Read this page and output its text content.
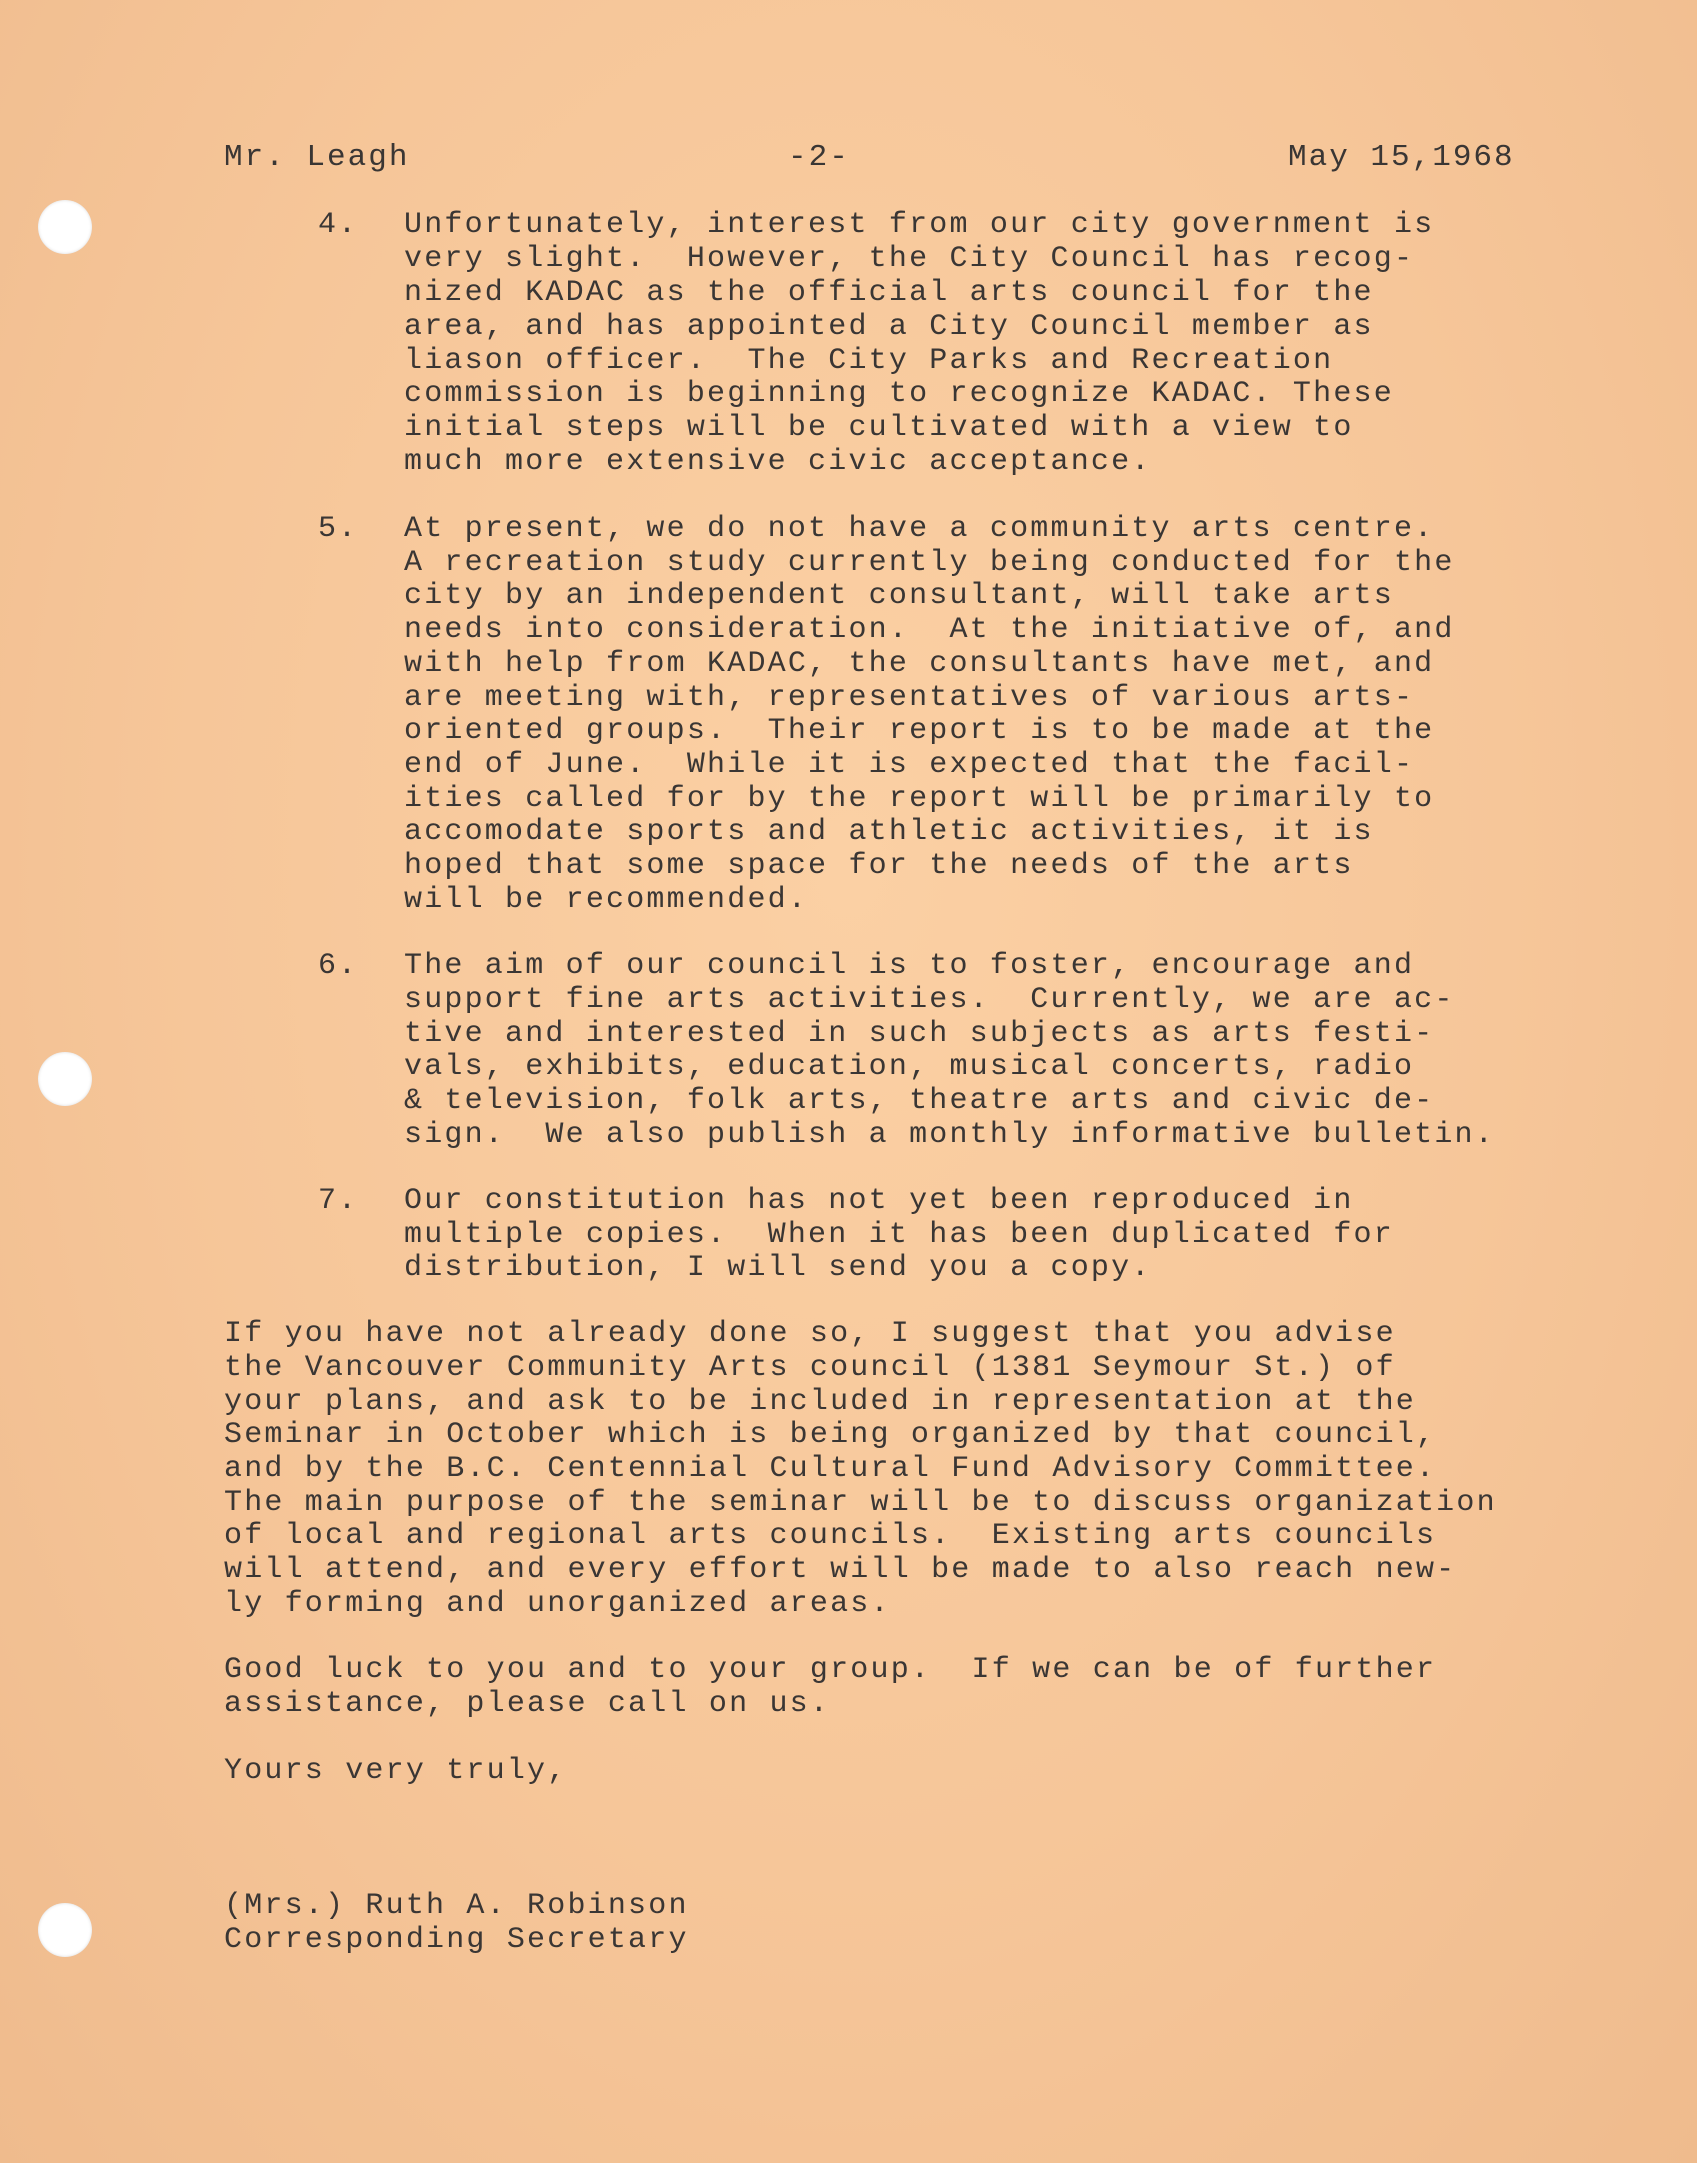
Mr. Leagh	-2-	May 15,1968
4. Unfortunately, interest from our city government is
very slight.  However, the City Council has recog-
nized KADAC as the official arts council for the
area, and has appointed a City Council member as
liason officer.  The City Parks and Recreation
commission is beginning to recognize KADAC. These
initial steps will be cultivated with a view to
much more extensive civic acceptance.
5. At present, we do not have a community arts centre.
A recreation study currently being conducted for the
city by an independent consultant, will take arts
needs into consideration.  At the initiative of, and
with help from KADAC, the consultants have met, and
are meeting with, representatives of various arts-
oriented groups.  Their report is to be made at the
end of June.  While it is expected that the facil-
ities called for by the report will be primarily to
accomodate sports and athletic activities, it is
hoped that some space for the needs of the arts
will be recommended.
6. The aim of our council is to foster, encourage and
support fine arts activities.  Currently, we are ac-
tive and interested in such subjects as arts festi-
vals, exhibits, education, musical concerts, radio
& television, folk arts, theatre arts and civic de-
sign.  We also publish a monthly informative bulletin.
7. Our constitution has not yet been reproduced in
multiple copies.  When it has been duplicated for
distribution, I will send you a copy.
If you have not already done so, I suggest that you advise
the Vancouver Community Arts council (1381 Seymour St.) of
your plans, and ask to be included in representation at the
Seminar in October which is being organized by that council,
and by the B.C. Centennial Cultural Fund Advisory Committee.
The main purpose of the seminar will be to discuss organization
of local and regional arts councils.  Existing arts councils
will attend, and every effort will be made to also reach new-
ly forming and unorganized areas.
Good luck to you and to your group.  If we can be of further
assistance, please call on us.
Yours very truly,
(Mrs.) Ruth A. Robinson
Corresponding Secretary
